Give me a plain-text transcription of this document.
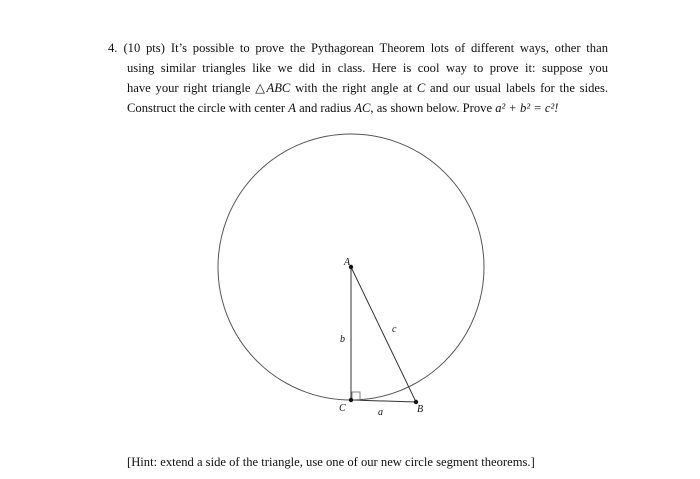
4. (10 pts) It’s possible to prove the Pythagorean Theorem lots of different ways, other than
using similar triangles like we did in class. Here is cool way to prove it: suppose you
have your right triangle △ABC with the right angle at C and our usual labels for the sides.
Construct the circle with center A and radius AC, as shown below. Prove a² + b² = c²!
A
C	B
b
a
c
[Hint: extend a side of the triangle, use one of our new circle segment theorems.]
